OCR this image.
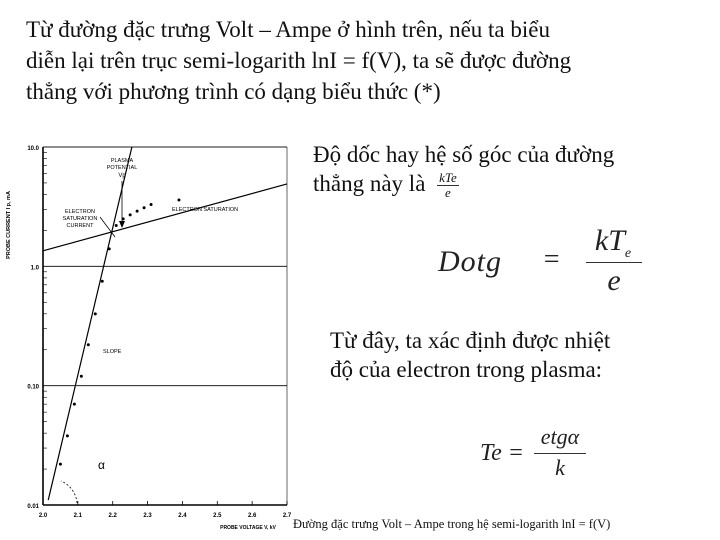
Từ đường đặc trưng Volt – Ampe ở hình trên, nếu ta biểu
diễn lại trên trục semi-logarith lnI = f(V), ta sẽ được đường
thẳng với phương trình có dạng biểu thức (*)
10.0
1.0
0.10
0.01
2.0	2.1	2.2	2.3	2.4	2.5	2.6	2.7
PROBE CURRENT I p, mA
PROBE VOLTAGE V, kV
α
PLASMA
POTENTIAL
Vp
ELECTRON SATURATION
ELECTRON
SATURATION
CURRENT
SLOPE
Độ dốc hay hệ số góc của đường
thẳng này là kTe
e
Dotg =
$kT_e$
e
Từ đây, ta xác định được nhiệt
độ của electron trong plasma:
Te =
etgα
k
Đường đặc trưng Volt – Ampe trong hệ semi-logarith lnI = f(V)
